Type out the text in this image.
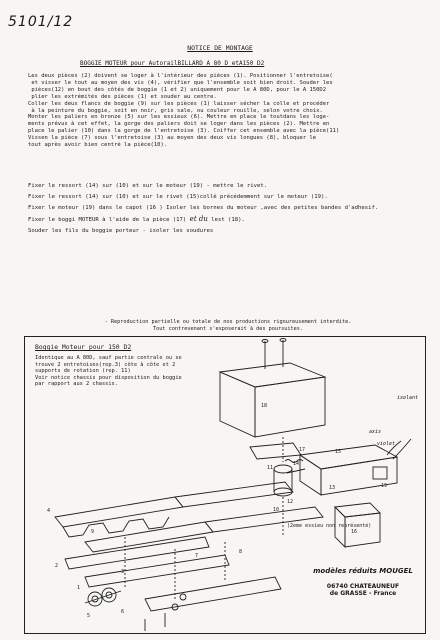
5101/12
NOTICE DE MONTAGE
BOGGIE MOTEUR pour AutorailBILLARD A 80 D etA150 D2
Les deux pièces (2) doivent se loger à l'intérieur des pièces (1). Positionner l'entretoise(
et visser le tout au moyen des vis (4), vérifier que l'ensemble soit bien droit. Souder les
pièces(12) en bout des côtés de boggie (1 et 2) uniquement pour le A 80D, pour le A 150D2
plier les extrémités des pièces (1) et souder au centre.
Coller les deux flancs de boggie (9) sur les pièces (1) laisser sécher la colle et procéder
à la peinture du boggie, soit en noir, gris sale, ou couleur rouille, selon votre choix.
Monter les paliers en bronze (5) sur les essieux (6). Mettre en place le toutdans les loge-
ments prévus à cet effet, la gorge des paliers doit se loger dans les pièces (2). Mettre en
place le palier (10) dans la gorge de l'entretoise (3). Coiffer cet ensemble avec la pièce(11)
Vissen la pièce (7) sous l'entretoise (3) au moyen des deux vis longues (8), bloquer le
tout après avoir bien centré la pièce(10).
Fixer le ressort (14) sur (10) et sur le moteur (19) - mettre le rivet.
Fixer le ressort (14) sur (10) et sur le rivet (15)collé précédemment sur le moteur (19).
Fixer le moteur (19) dans le capot (16 ) Isoler les bornes du moteur ,avec des petites bandes d'adhesif.
Fixer le boggi MOTEUR à l'aide de la pièce (17) et du lest (18).
Souder les fils du boggie porteur - isoler les soudures
- Reproduction partielle ou totale de nos productions rigoureusement interdite.
Tout contrevenant s'exposerait à des poursuites.
Boggie Moteur pour 150 D2
Identique au A 80D, sauf partie centrale ou se trouve 2 entretoises(rep.3) côte à côte et 2 supports de rotation (rep. 11)
Voir notice chassis pour disposition du boggie par rapport aux 2 chassis.
18
17
16
15
13	19
12
11
10
4
9
7
8
3
2
1
5
6
14
isolant
axis
violet
(2eme essieu non représenté)
modèles réduits MOUGEL
06740 CHATEAUNEUF
de GRASSE - France
